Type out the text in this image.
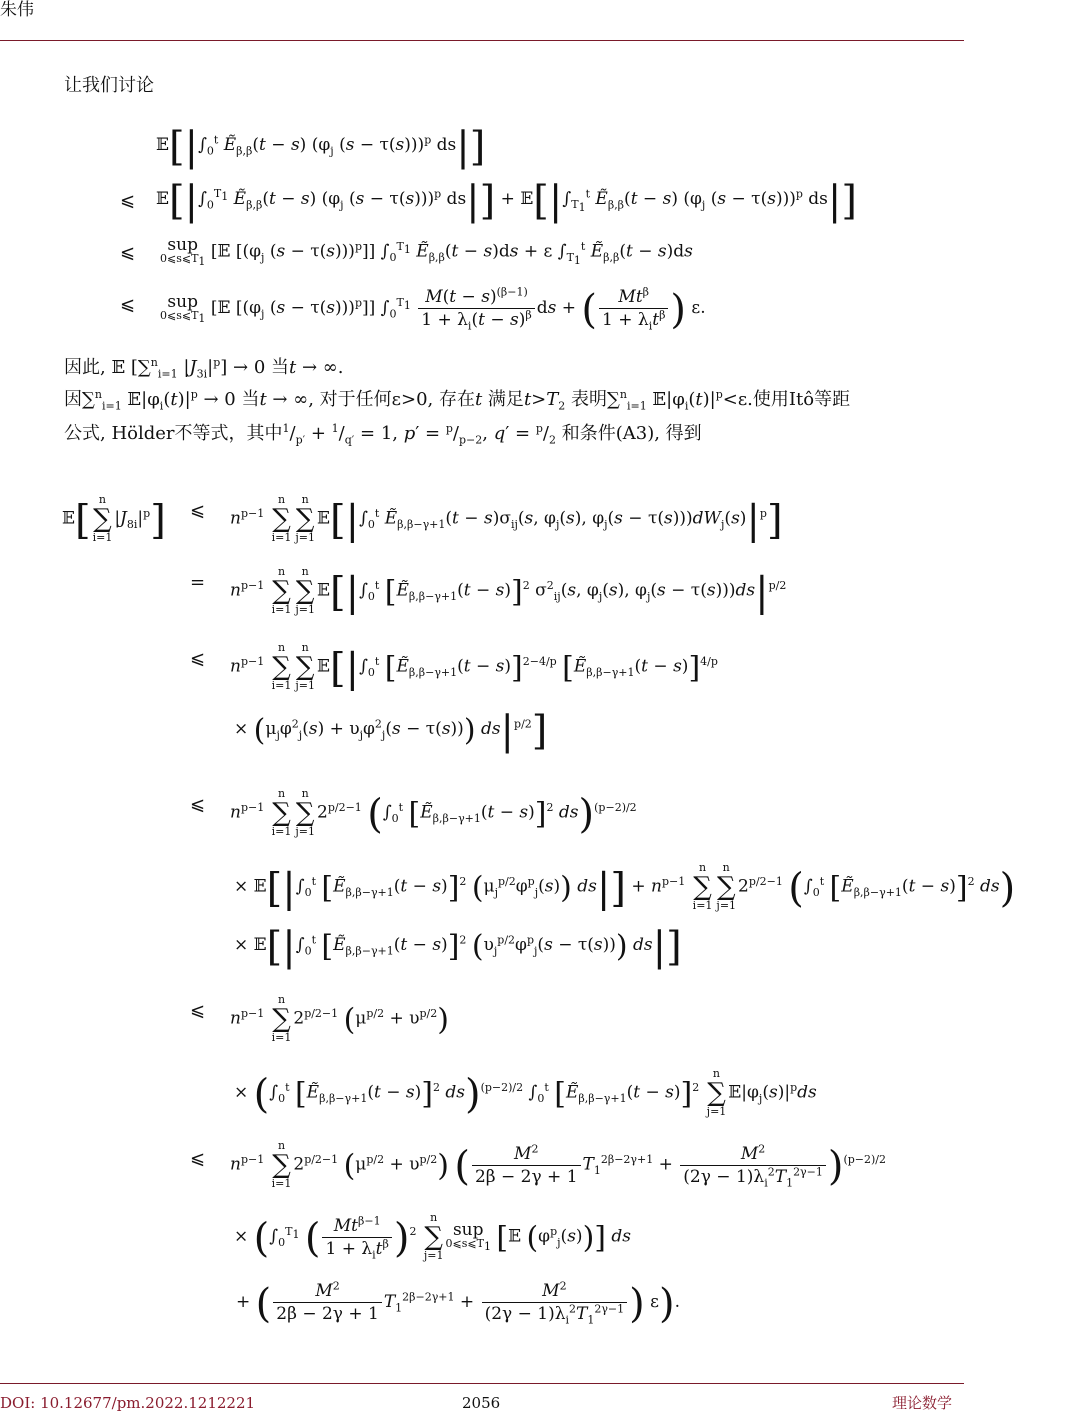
朱伟
让我们讨论
$𝔼[|\int_0^t$ Ẽ$_{\beta,\beta}$(t − s) ($\varphi_j$ (s − τ(s)))$^p$ ds|]
⩽ $𝔼[|\int_0^{T_1}$ Ẽ$_{\beta,\beta}$(t − s) ($\varphi_j$ (s − τ(s)))$^p$ $ds|] + 𝔼[|\int_{T_1}^t$ Ẽ$_{\beta,\beta}$(t − s) ($\varphi_j$ (s − τ(s)))$^p$ ds|]
⩽	sup
$0⩽s⩽T_1$
[𝔼 [($\varphi_j$ (s − τ(s)))$^p$]] $\int_0^{T_1}$ Ẽ$_{\beta,\beta}$(t − s)ds + ε $\int_{T_1}^t$ Ẽ$_{\beta,\beta}$(t − s)ds
⩽	sup
$0⩽s⩽T_1$
[𝔼 [($\varphi_j$ (s − τ(s)))$^p$]] $\int_0^{T_1} \frac{M(t - s)^{(\beta-1)}}{1 + \lambda_i(t - s)^\beta}$ ds + ( $\frac{Mt^\beta}{1 + \lambda_it^\beta}$ ) ε.
因此, 𝔼 [∑$^n_{i=1}$ $|J_{3i}|^p] \to 0$ 当t → ∞.
因∑$^n_{i=1}$ $𝔼|\varphi_i(t)|^p \to 0$ 当t → ∞, 对于任何ε>0, 存在t 满足$t>T_2$ 表明∑$^n_{i=1}$ $𝔼|\varphi_i(t)|^p<\varepsilon$.使用Itô等距
公式, Hölder不等式，其中$^1/_{p'} + ^1/_{q'} = 1$, $p' = ^p/_{p-2}$, $q' = ^p/_2$ 和条件(A3), 得到
𝔼[ n
∑
i=1
$|J_{8i}|^p$] ⩽ $n^{p-1}$
n
∑
i=1
n
∑
j=1
$𝔼[|\int_0^t$ Ẽ$_{\beta,\beta-\gamma+1}$(t − $s)\sigma_{ij}(s$, $\varphi_j(s)$, $\varphi_j(s - \tau(s)))dW_j(s)|^p$]
= $n^{p-1}$
n
∑
i=1
n
∑
j=1
$𝔼[|\int_0^t$ [Ẽ$_{\beta,\beta-\gamma+1}$(t − s)]$^2$ $\sigma^2_{ij}(s$, $\varphi_j(s)$, $\varphi_j(s - \tau(s)))ds|^{p/2}$
⩽ $n^{p-1}$
n
∑
i=1
n
∑
j=1
$𝔼[|\int_0^t$ [Ẽ$_{\beta,\beta-\gamma+1}$(t − s)]$^{2-4/p}$ [Ẽ$_{\beta,\beta-\gamma+1}$(t − s)]$^{4/p}$
× $(\mu_j\varphi^2_j(s) + \upsilon_j\varphi^2_j(s - \tau(s)))$ $ds|^{p/2}$]
⩽ $n^{p-1}$
n
∑
i=1
n
∑
j=1
$2^{p/2-1}$ ($\int_0^t$ [Ẽ$_{\beta,\beta-\gamma+1}$(t − s)]$^2$ ds)$^{(p-2)/2}$
× $𝔼[|\int_0^t$ [Ẽ$_{\beta,\beta-\gamma+1}$(t − s)]$^2$ $(\mu_j^{p/2}\varphi^p_j(s)) ds|] + n^{p-1}$
n
∑
i=1
n
∑
j=1
$2^{p/2-1}$ ($\int_0^t$ [Ẽ$_{\beta,\beta-\gamma+1}$(t − s)]$^2$ ds)
× $𝔼[|\int_0^t$ [Ẽ$_{\beta,\beta-\gamma+1}$(t − s)]$^2$ $(\upsilon_j^{p/2}\varphi^p_j(s - \tau(s)))$ ds|]
⩽ $n^{p-1}$
n
∑
i=1
$2^{p/2-1}$ $(\mu^{p/2} + \upsilon^{p/2})$
× ($\int_0^t$ [Ẽ$_{\beta,\beta-\gamma+1}$(t − s)]$^2$ ds)$^{(p-2)/2}$ $\int_0^t$ [Ẽ$_{\beta,\beta-\gamma+1}$(t − s)]$^2$
n
∑
j=1
$𝔼|\varphi_j(s)|^pds$
⩽ $n^{p-1}$
n
∑
i=1
$2^{p/2-1}$ $(\mu^{p/2} + \upsilon^{p/2})$ ( $\frac{M^2}{2\beta - 2\gamma + 1} T_1^{2\beta-2\gamma+1} + \frac{M^2}{(2\gamma - 1)\lambda_i^2T_1^{2\gamma-1}} )^{(p-2)/2}$
× ($\int_0^{T_1}$ ( $\frac{Mt^{\beta-1}}{1 + \lambda_it^\beta} )^2$
n
∑
j=1
sup
$0⩽s⩽T_1$ [𝔼 $(\varphi^p_j(s))$] ds
+ ( $\frac{M^2}{2\beta - 2\gamma + 1} T_1^{2\beta-2\gamma+1} + \frac{M^2}{(2\gamma - 1)\lambda_i^2T_1^{2\gamma-1}}$ ) ε).
DOI: 10.12677/pm.2022.1212221	2056	理论数学
